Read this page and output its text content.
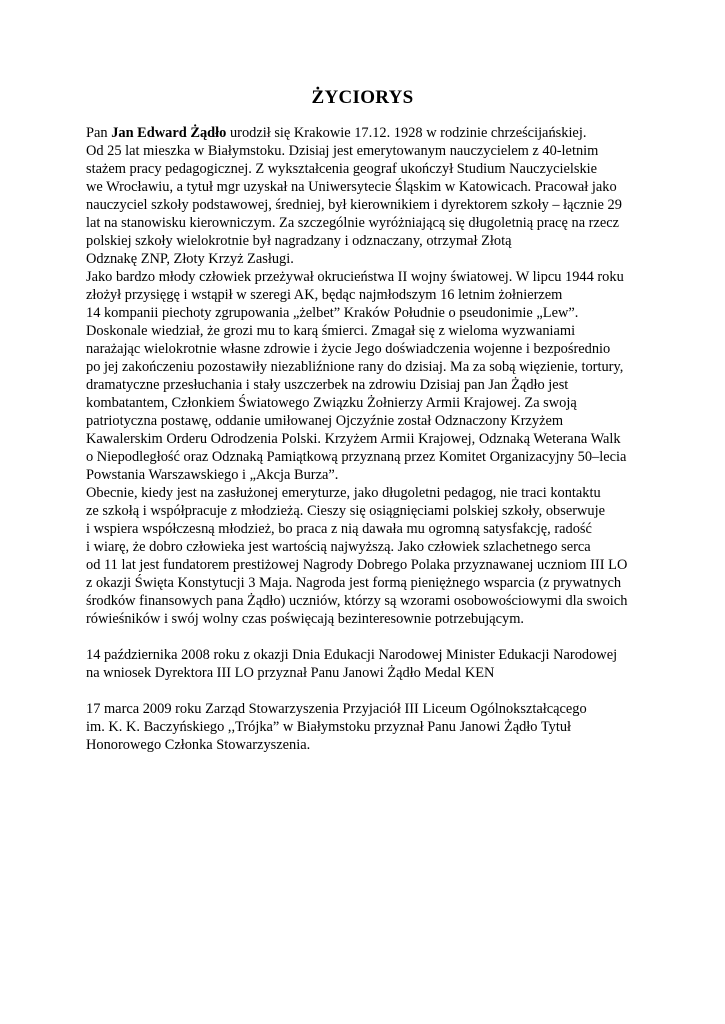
ŻYCIORYS
Pan Jan Edward Żądło urodził się Krakowie 17.12. 1928 w rodzinie chrześcijańskiej.
Od 25 lat mieszka w Białymstoku. Dzisiaj jest emerytowanym nauczycielem z 40-letnim
stażem pracy pedagogicznej. Z wykształcenia geograf ukończył Studium Nauczycielskie
we Wrocławiu, a tytuł mgr uzyskał na Uniwersytecie Śląskim w Katowicach. Pracował jako
nauczyciel szkoły podstawowej, średniej, był kierownikiem i dyrektorem szkoły – łącznie 29
lat na stanowisku kierowniczym. Za szczególnie wyróżniającą się długoletnią pracę na rzecz
polskiej szkoły wielokrotnie był nagradzany i odznaczany, otrzymał Złotą
Odznakę ZNP, Złoty Krzyż Zasługi.
Jako bardzo młody człowiek przeżywał okrucieństwa II wojny światowej. W lipcu 1944 roku
złożył przysięgę i wstąpił w szeregi AK, będąc najmłodszym 16 letnim żołnierzem
14 kompanii piechoty zgrupowania „żelbet” Kraków Południe o pseudonimie „Lew”.
Doskonale wiedział, że grozi mu to karą śmierci. Zmagał się z wieloma wyzwaniami
narażając wielokrotnie własne zdrowie i życie Jego doświadczenia wojenne i bezpośrednio
po jej zakończeniu pozostawiły niezabliźnione rany do dzisiaj. Ma za sobą więzienie, tortury,
dramatyczne przesłuchania i stały uszczerbek na zdrowiu Dzisiaj pan Jan Żądło jest
kombatantem, Członkiem Światowego Związku Żołnierzy Armii Krajowej. Za swoją
patriotyczna postawę, oddanie umiłowanej Ojczyźnie został Odznaczony Krzyżem
Kawalerskim Orderu Odrodzenia Polski. Krzyżem Armii Krajowej, Odznaką Weterana Walk
o Niepodległość oraz Odznaką Pamiątkową przyznaną przez Komitet Organizacyjny 50–lecia
Powstania Warszawskiego i „Akcja Burza”.
Obecnie, kiedy jest na zasłużonej emeryturze, jako długoletni pedagog, nie traci kontaktu
ze szkołą i współpracuje z młodzieżą. Cieszy się osiągnięciami polskiej szkoły, obserwuje
i wspiera współczesną młodzież, bo praca z nią dawała mu ogromną satysfakcję, radość
i wiarę, że dobro człowieka jest wartością najwyższą. Jako człowiek szlachetnego serca
od 11 lat jest fundatorem prestiżowej Nagrody Dobrego Polaka przyznawanej uczniom III LO
z okazji Święta Konstytucji 3 Maja. Nagroda jest formą pieniężnego wsparcia (z prywatnych
środków finansowych pana Żądło) uczniów, którzy są wzorami osobowościowymi dla swoich
rówieśników i swój wolny czas poświęcają bezinteresownie potrzebującym.
14 października 2008 roku z okazji Dnia Edukacji Narodowej Minister Edukacji Narodowej
na wniosek Dyrektora III LO przyznał Panu Janowi Żądło Medal KEN
17 marca 2009 roku Zarząd Stowarzyszenia Przyjaciół III Liceum Ogólnokształcącego
im. K. K. Baczyńskiego ,,Trójka” w Białymstoku przyznał Panu Janowi Żądło Tytuł
Honorowego Członka Stowarzyszenia.
